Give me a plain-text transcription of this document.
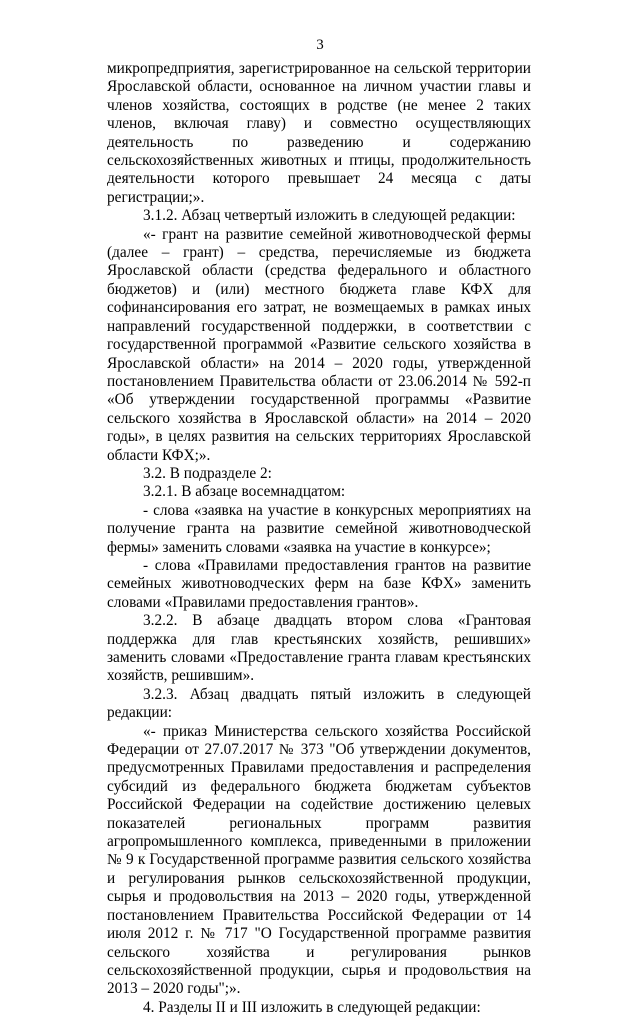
3

микропредприятия, зарегистрированное на сельской территории Ярославской области, основанное на личном участии главы и членов хозяйства, состоящих в родстве (не менее 2 таких членов, включая главу) и совместно осуществляющих деятельность по разведению и содержанию сельскохозяйственных животных и птицы, продолжительность деятельности которого превышает 24 месяца с даты регистрации;».

3.1.2. Абзац четвертый изложить в следующей редакции:

«- грант на развитие семейной животноводческой фермы (далее – грант) – средства, перечисляемые из бюджета Ярославской области (средства федерального и областного бюджетов) и (или) местного бюджета главе КФХ для софинансирования его затрат, не возмещаемых в рамках иных направлений государственной поддержки, в соответствии с государственной программой «Развитие сельского хозяйства в Ярославской области» на 2014 – 2020 годы, утвержденной постановлением Правительства области от 23.06.2014 № 592-п «Об утверждении государственной программы «Развитие сельского хозяйства в Ярославской области» на 2014 – 2020 годы», в целях развития на сельских территориях Ярославской области КФХ;».

3.2. В подразделе 2:

3.2.1. В абзаце восемнадцатом:

- слова «заявка на участие в конкурсных мероприятиях на получение гранта на развитие семейной животноводческой фермы» заменить словами «заявка на участие в конкурсе»;

- слова «Правилами предоставления грантов на развитие семейных животноводческих ферм на базе КФХ» заменить словами «Правилами предоставления грантов».

3.2.2. В абзаце двадцать втором слова «Грантовая поддержка для глав крестьянских хозяйств, решивших» заменить словами «Предоставление гранта главам крестьянских хозяйств, решившим».

3.2.3. Абзац двадцать пятый изложить в следующей редакции:

«- приказ Министерства сельского хозяйства Российской Федерации от 27.07.2017 № 373 "Об утверждении документов, предусмотренных Правилами предоставления и распределения субсидий из федерального бюджета бюджетам субъектов Российской Федерации на содействие достижению целевых показателей региональных программ развития агропромышленного комплекса, приведенными в приложении № 9 к Государственной программе развития сельского хозяйства и регулирования рынков сельскохозяйственной продукции, сырья и продовольствия на 2013 – 2020 годы, утвержденной постановлением Правительства Российской Федерации от 14 июля 2012 г. № 717 "О Государственной программе развития сельского хозяйства и регулирования рынков сельскохозяйственной продукции, сырья и продовольствия на 2013 – 2020 годы";».

4. Разделы II и III изложить в следующей редакции:
